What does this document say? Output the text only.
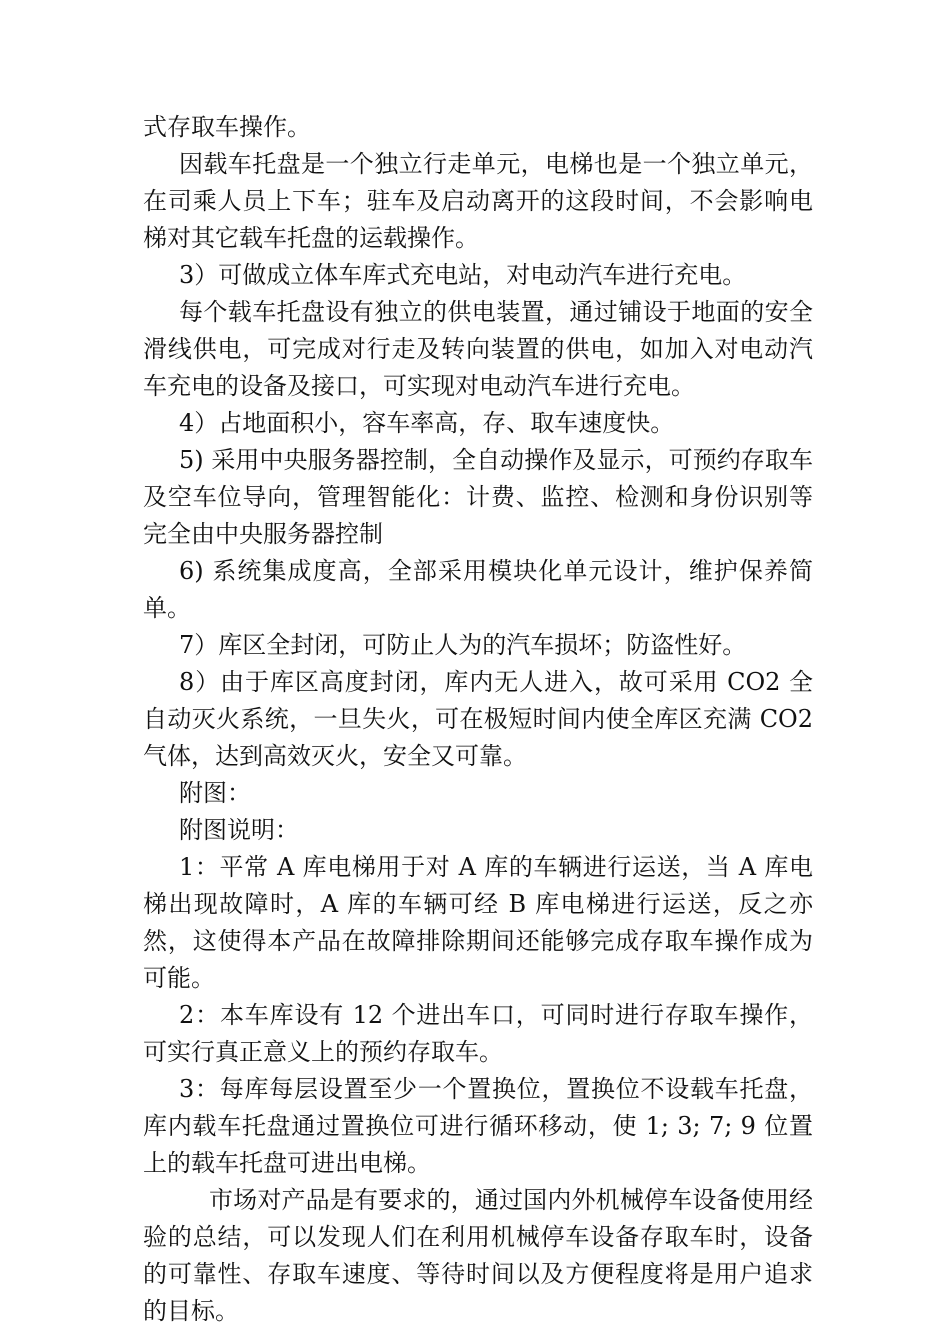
式存取车操作。

因载车托盘是一个独立行走单元，电梯也是一个独立单元，在司乘人员上下车；驻车及启动离开的这段时间，不会影响电梯对其它载车托盘的运载操作。

3）可做成立体车库式充电站，对电动汽车进行充电。

每个载车托盘设有独立的供电装置，通过铺设于地面的安全滑线供电，可完成对行走及转向装置的供电，如加入对电动汽车充电的设备及接口，可实现对电动汽车进行充电。

4）占地面积小，容车率高，存、取车速度快。

5) 采用中央服务器控制，全自动操作及显示，可预约存取车及空车位导向，管理智能化：计费、监控、检测和身份识别等完全由中央服务器控制

6) 系统集成度高，全部采用模块化单元设计，维护保养简单。

7）库区全封闭，可防止人为的汽车损坏；防盗性好。

8）由于库区高度封闭，库内无人进入，故可采用 CO2 全自动灭火系统，一旦失火，可在极短时间内使全库区充满 CO2 气体，达到高效灭火，安全又可靠。

附图：

附图说明：

1：平常 A 库电梯用于对 A 库的车辆进行运送，当 A 库电梯出现故障时，A 库的车辆可经 B 库电梯进行运送，反之亦然，这使得本产品在故障排除期间还能够完成存取车操作成为可能。

2：本车库设有 12 个进出车口，可同时进行存取车操作，可实行真正意义上的预约存取车。

3：每库每层设置至少一个置换位，置换位不设载车托盘，库内载车托盘通过置换位可进行循环移动，使 1; 3; 7; 9 位置上的载车托盘可进出电梯。

市场对产品是有要求的，通过国内外机械停车设备使用经验的总结，可以发现人们在利用机械停车设备存取车时，设备的可靠性、存取车速度、等待时间以及方便程度将是用户追求的目标。
